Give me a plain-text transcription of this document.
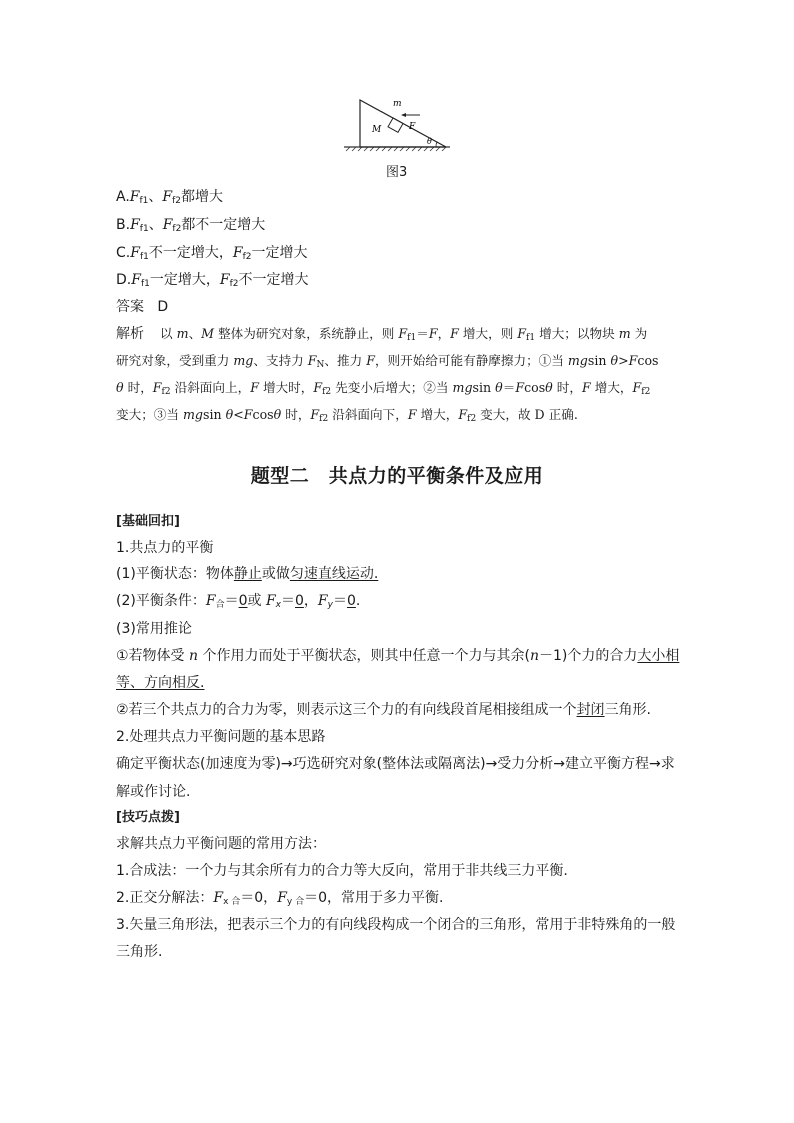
m
M	F
θ
图3
$A.F_{f1}$、$F_{f2}$都增大
$B.F_{f1}$、$F_{f2}$都不一定增大
$C.F_{f1}$不一定增大，$F_{f2}$一定增大
$D.F_{f1}$一定增大，$F_{f2}$不一定增大
答案 D
解析 以 m、M 整体为研究对象，系统静止，则 $F_{f1}=F$，F 增大，则 $F_{f1}$ 增大；以物块 m 为
研究对象，受到重力 mg、支持力 $F_N$、推力 F，则开始给可能有静摩擦力；①当 mgsin θ>Fcos
θ 时，$F_{f2}$ 沿斜面向上，F 增大时，$F_{f2}$ 先变小后增大；②当 mgsin θ＝Fcosθ 时，F 增大，$F_{f2}$
变大；③当 mgsin θ<Fcosθ 时，$F_{f2}$ 沿斜面向下，F 增大，$F_{f2}$ 变大，故 D 正确.
题型二　共点力的平衡条件及应用
[基础回扣]
1.共点力的平衡
(1)平衡状态：物体静止或做匀速直线运动.
(2)平衡条件：$F_合=0$或 $F_x=0$，$F_y=0$.
(3)常用推论
①若物体受 n 个作用力而处于平衡状态，则其中任意一个力与其余(n－1)个力的合力大小相
等、方向相反.
②若三个共点力的合力为零，则表示这三个力的有向线段首尾相接组成一个封闭三角形.
2.处理共点力平衡问题的基本思路
确定平衡状态(加速度为零)→巧选研究对象(整体法或隔离法)→受力分析→建立平衡方程→求
解或作讨论.
[技巧点拨]
求解共点力平衡问题的常用方法：
1.合成法：一个力与其余所有力的合力等大反向，常用于非共线三力平衡.
2.正交分解法：$F_{x 合}=0$，$F_{y 合}=0$，常用于多力平衡.
3.矢量三角形法，把表示三个力的有向线段构成一个闭合的三角形，常用于非特殊角的一般
三角形.
